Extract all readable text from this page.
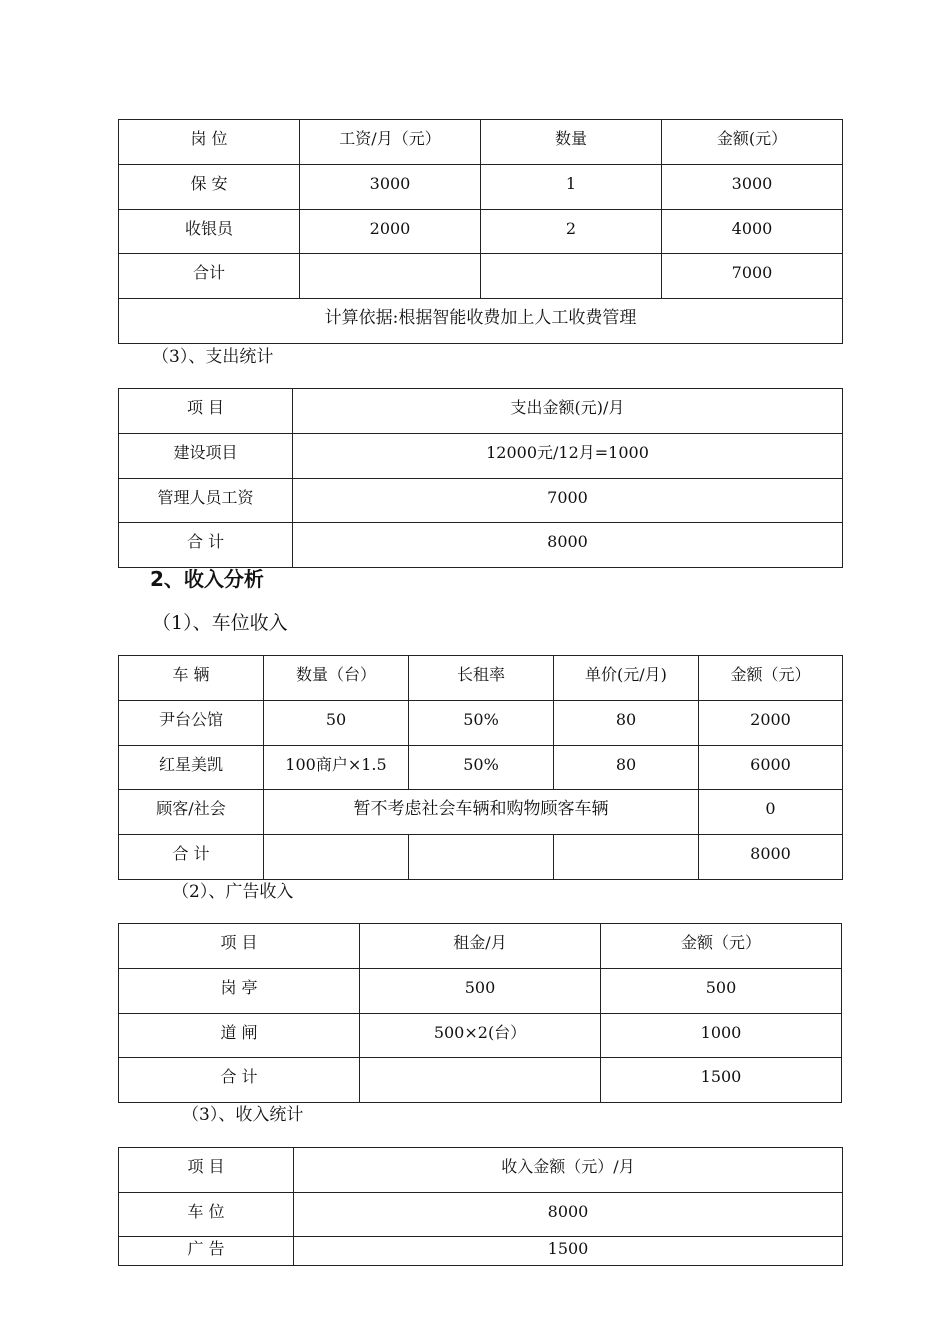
岗 位	工资/月（元）	数量	金额(元）
保 安	3000	1	3000
收银员	2000	2	4000
合计			7000
计算依据:根据智能收费加上人工收费管理			
（3）、支出统计
项 目	支出金额(元)/月
建设项目	12000元/12月=1000
管理人员工资	7000
合 计	8000
2、收入分析
（1）、车位收入
车 辆	数量（台）	长租率	单价(元/月)	金额（元）
尹台公馆	50	50%	80	2000
红星美凯	100商户×1.5	50%	80	6000
顾客/社会	暂不考虑社会车辆和购物顾客车辆			0
合 计				8000
（2）、广告收入
项 目	租金/月	金额（元）
岗 亭	500	500
道 闸	500×2(台）	1000
合 计		1500
（3）、收入统计
项 目	收入金额（元）/月
车 位	8000
广 告	1500
